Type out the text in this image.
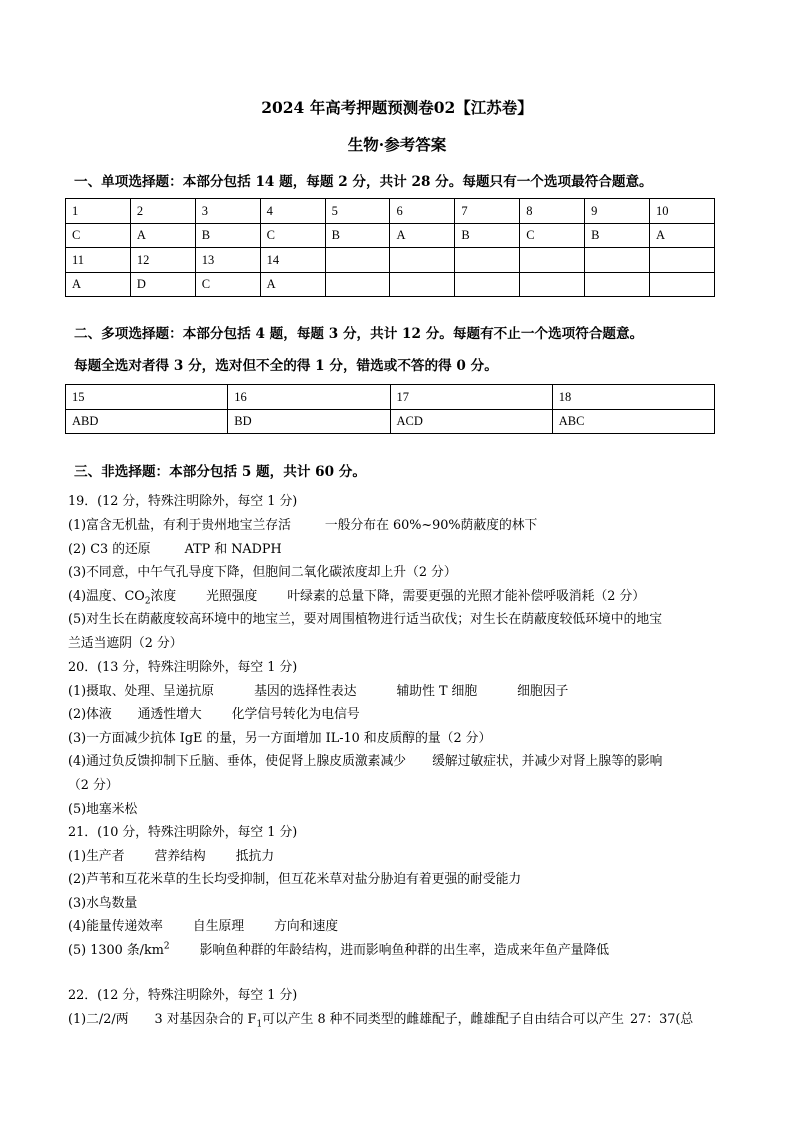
2024 年高考押题预测卷02【江苏卷】
生物·参考答案
一、单项选择题：本部分包括 14 题，每题 2 分，共计 28 分。每题只有一个选项最符合题意。
1	2	3	4	5	6	7	8	9	10
C	A	B	C	B	A	B	C	B	A
11	12	13	14						
A	D	C	A						
二、多项选择题：本部分包括 4 题，每题 3 分，共计 12 分。每题有不止一个选项符合题意。
每题全选对者得 3 分，选对但不全的得 1 分，错选或不答的得 0 分。
15	16	17	18
ABD	BD	ACD	ABC
三、非选择题：本部分包括 5 题，共计 60 分。
19．(12 分，特殊注明除外，每空 1 分)
(1)富含无机盐，有利于贵州地宝兰存活	一般分布在 60%~90%荫蔽度的林下
(2) C3 的还原	ATP 和 NADPH
(3)不同意，中午气孔导度下降，但胞间二氧化碳浓度却上升（2 分）
(4)温度、$CO_2$浓度 光照强度 叶绿素的总量下降，需要更强的光照才能补偿呼吸消耗（2 分）
(5)对生长在荫蔽度较高环境中的地宝兰，要对周围植物进行适当砍伐；对生长在荫蔽度较低环境中的地宝
兰适当遮阴（2 分）
20．(13 分，特殊注明除外，每空 1 分)
(1)摄取、处理、呈递抗原	基因的选择性表达	辅助性 T 细胞	细胞因子
(2)体液 通透性增大 化学信号转化为电信号
(3)一方面减少抗体 IgE 的量，另一方面增加 IL-10 和皮质醇的量（2 分）
(4)通过负反馈抑制下丘脑、垂体，使促肾上腺皮质激素减少 缓解过敏症状，并减少对肾上腺等的影响
（2 分）
(5)地塞米松
21．(10 分，特殊注明除外，每空 1 分)
(1)生产者 营养结构 抵抗力
(2)芦苇和互花米草的生长均受抑制，但互花米草对盐分胁迫有着更强的耐受能力
(3)水鸟数量
(4)能量传递效率 自生原理 方向和速度
(5) 1300 条$/km^2$ 影响鱼种群的年龄结构，进而影响鱼种群的出生率，造成来年鱼产量降低
22．(12 分，特殊注明除外，每空 1 分)
(1)二/2/两 3 对基因杂合的 $F_1$可以产生 8 种不同类型的雌雄配子，雌雄配子自由结合可以产生 27：37(总
